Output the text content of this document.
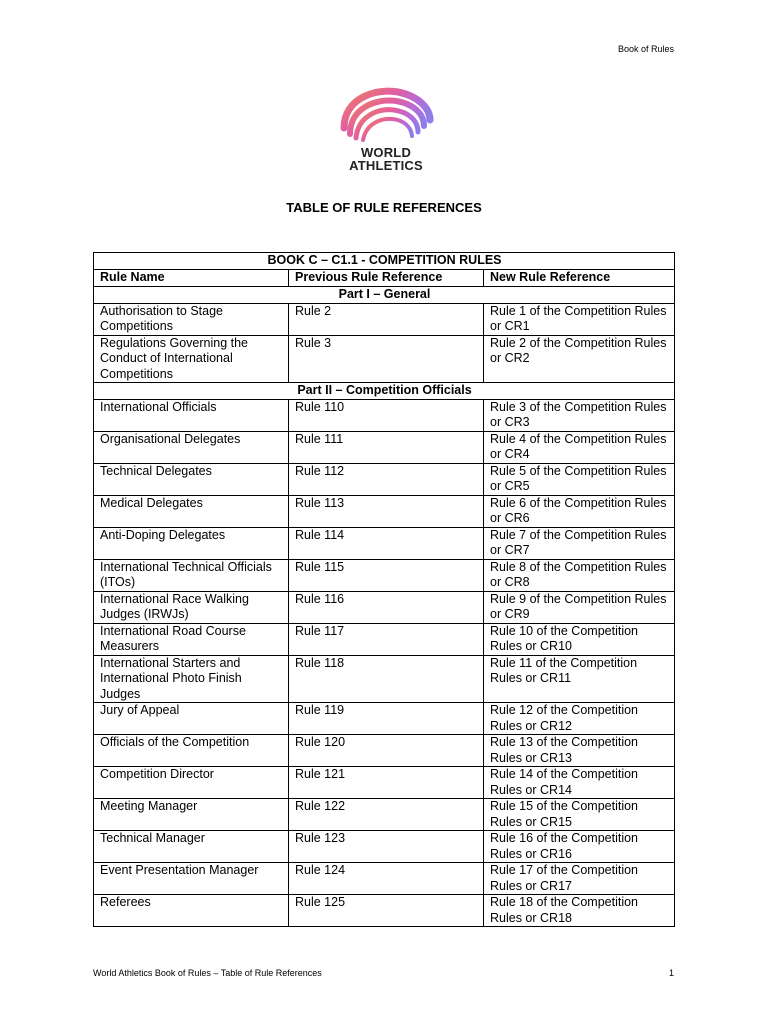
Book of Rules
WORLD
ATHLETICS
TABLE OF RULE REFERENCES
BOOK C – C1.1 - COMPETITION RULES		
Rule Name	Previous Rule Reference	New Rule Reference
Part I – General		
Authorisation to Stage Competitions	Rule 2	Rule 1 of the Competition Rules or CR1
Regulations Governing the Conduct of International Competitions	Rule 3	Rule 2 of the Competition Rules or CR2
Part II – Competition Officials		
International Officials	Rule 110	Rule 3 of the Competition Rules or CR3
Organisational Delegates	Rule 111	Rule 4 of the Competition Rules or CR4
Technical Delegates	Rule 112	Rule 5 of the Competition Rules or CR5
Medical Delegates	Rule 113	Rule 6 of the Competition Rules or CR6
Anti-Doping Delegates	Rule 114	Rule 7 of the Competition Rules or CR7
International Technical Officials (ITOs)	Rule 115	Rule 8 of the Competition Rules or CR8
International Race Walking Judges (IRWJs)	Rule 116	Rule 9 of the Competition Rules or CR9
International Road Course Measurers	Rule 117	Rule 10 of the Competition Rules or CR10
International Starters and International Photo Finish Judges	Rule 118	Rule 11 of the Competition Rules or CR11
Jury of Appeal	Rule 119	Rule 12 of the Competition Rules or CR12
Officials of the Competition	Rule 120	Rule 13 of the Competition Rules or CR13
Competition Director	Rule 121	Rule 14 of the Competition Rules or CR14
Meeting Manager	Rule 122	Rule 15 of the Competition Rules or CR15
Technical Manager	Rule 123	Rule 16 of the Competition Rules or CR16
Event Presentation Manager	Rule 124	Rule 17 of the Competition Rules or CR17
Referees	Rule 125	Rule 18 of the Competition Rules or CR18
World Athletics Book of Rules – Table of Rule References	1
